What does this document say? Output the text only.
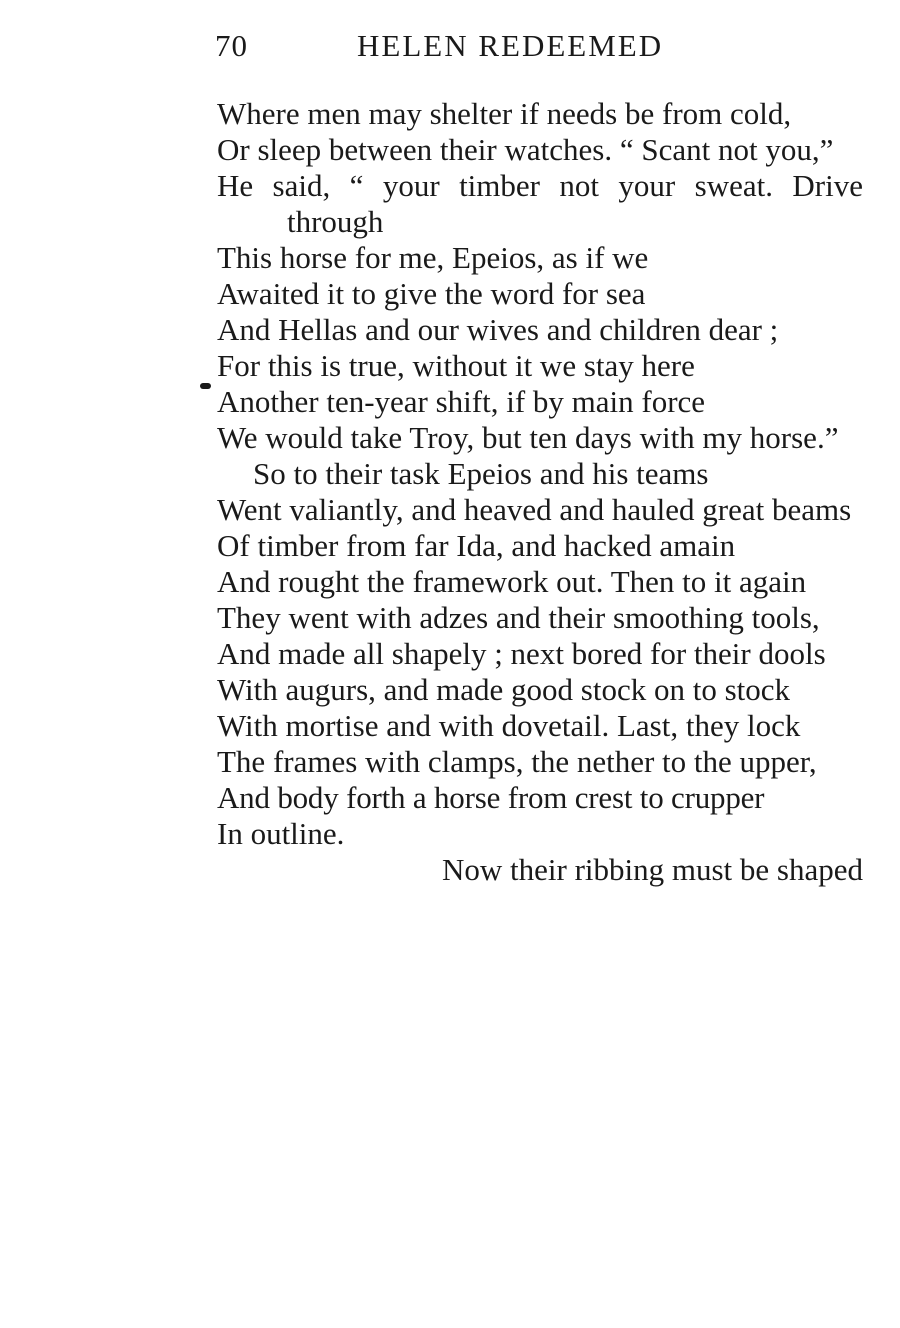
70	HELEN REDEEMED
Where men may shelter if needs be from cold,
Or sleep between their watches. “ Scant not you,”
He said, “ your timber not your sweat. Drive through
This horse for me, Epeios, as if we
Awaited it to give the word for sea
And Hellas and our wives and children dear ;
For this is true, without it we stay here
Another ten-year shift, if by main force
We would take Troy, but ten days with my horse.”
So to their task Epeios and his teams
Went valiantly, and heaved and hauled great beams
Of timber from far Ida, and hacked amain
And rought the framework out. Then to it again
They went with adzes and their smoothing tools,
And made all shapely ; next bored for their dools
With augurs, and made good stock on to stock
With mortise and with dovetail. Last, they lock
The frames with clamps, the nether to the upper,
And body forth a horse from crest to crupper
In outline.
Now their ribbing must be shaped
